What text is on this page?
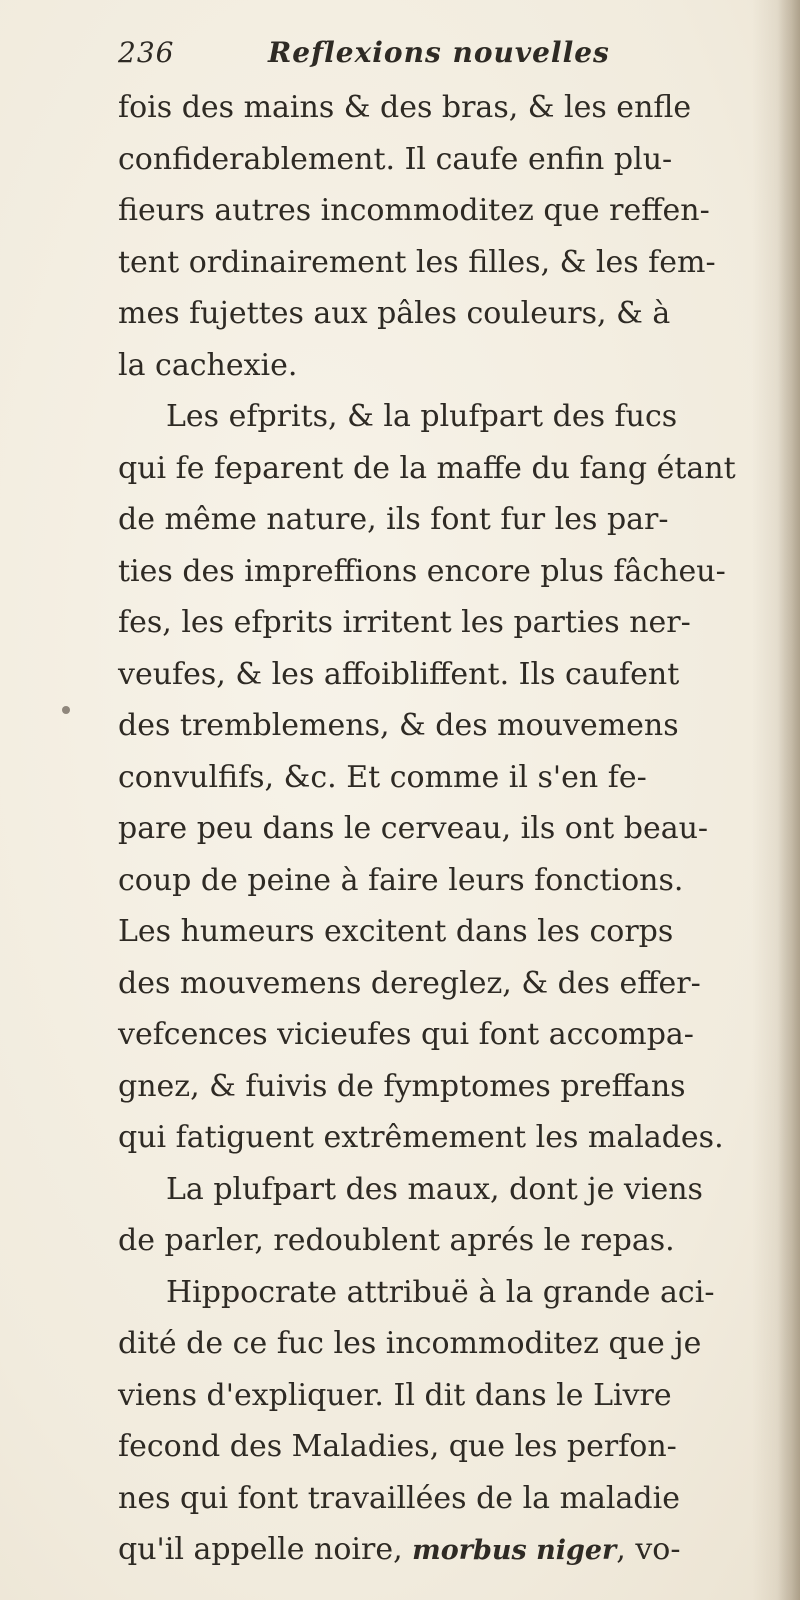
236	Reflexions nouvelles
fois des mains & des bras, & les enfle
confiderablement. Il caufe enfin plu-
fieurs autres incommoditez que reffen-
tent ordinairement les filles, & les fem-
mes fujettes aux pâles couleurs, & à
la cachexie.
Les efprits, & la plufpart des fucs
qui fe feparent de la maffe du fang étant
de même nature, ils font fur les par-
ties des impreffions encore plus fâcheu-
fes, les efprits irritent les parties ner-
veufes, & les affoibliffent. Ils caufent
des tremblemens, & des mouvemens
convulfifs, &c. Et comme il s'en fe-
pare peu dans le cerveau, ils ont beau-
coup de peine à faire leurs fonctions.
Les humeurs excitent dans les corps
des mouvemens dereglez, & des effer-
vefcences vicieufes qui font accompa-
gnez, & fuivis de fymptomes preffans
qui fatiguent extrêmement les malades.
La plufpart des maux, dont je viens
de parler, redoublent aprés le repas.
Hippocrate attribuë à la grande aci-
dité de ce fuc les incommoditez que je
viens d'expliquer. Il dit dans le Livre
fecond des Maladies, que les perfon-
nes qui font travaillées de la maladie
qu'il appelle noire, morbus niger, vo-
